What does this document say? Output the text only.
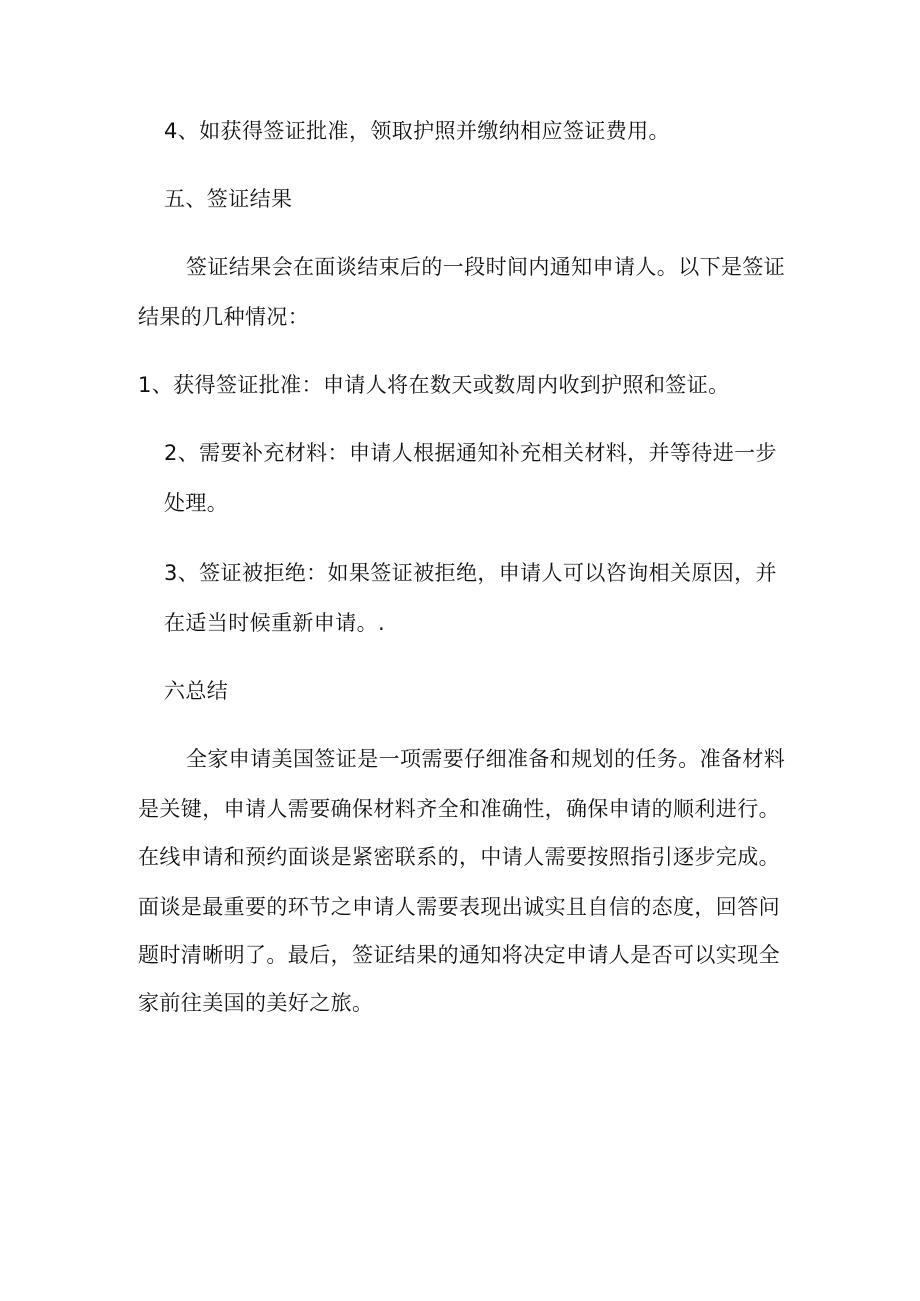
4、如获得签证批准，领取护照并缴纳相应签证费用。
五、签证结果
签证结果会在面谈结束后的一段时间内通知申请人。以下是签证
结果的几种情况：
1、获得签证批准：申请人将在数天或数周内收到护照和签证。
2、需要补充材料：申请人根据通知补充相关材料，并等待进一步
处理。
3、签证被拒绝：如果签证被拒绝，申请人可以咨询相关原因，并
在适当时候重新申请。.
六总结
全家申请美国签证是一项需要仔细准备和规划的任务。准备材料
是关键，申请人需要确保材料齐全和准确性，确保申请的顺利进行。
在线申请和预约面谈是紧密联系的，中请人需要按照指引逐步完成。
面谈是最重要的环节之申请人需要表现出诚实且自信的态度，回答问
题时清晰明了。最后，签证结果的通知将决定申请人是否可以实现全
家前往美国的美好之旅。
